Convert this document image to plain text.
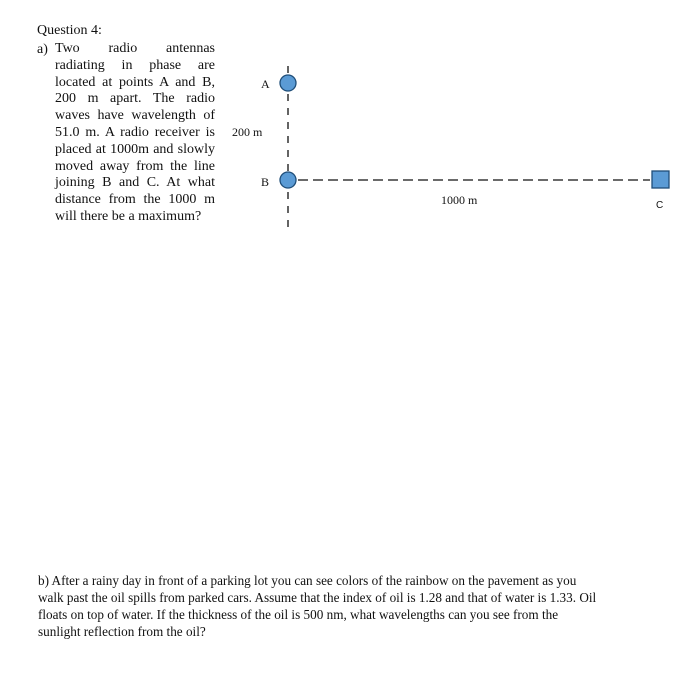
Question 4:
a) Two radio antennas radiating in phase are located at points A and B, 200 m apart. The radio waves have wavelength of 51.0 m. A radio receiver is placed at 1000m and slowly moved away from the line joining B and C. At what distance from the 1000 m will there be a maximum?
A
B
200 m
1000 m	C
b) After a rainy day in front of a parking lot you can see colors of the rainbow on the pavement as you walk past the oil spills from parked cars. Assume that the index of oil is 1.28 and that of water is 1.33. Oil floats on top of water. If the thickness of the oil is 500 nm, what wavelengths can you see from the sunlight reflection from the oil?
